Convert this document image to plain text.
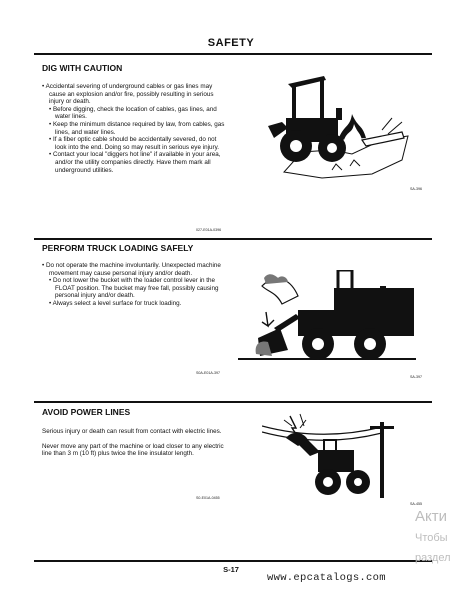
SAFETY
DIG WITH CAUTION

• Accidental severing of underground cables or gas lines may cause an explosion and/or fire, possibly resulting in serious injury or death.

• Before digging, check the location of cables, gas lines, and water lines.

• Keep the minimum distance required by law, from cables, gas lines, and water lines.

• If a fiber optic cable should be accidentally severed, do not look into the end. Doing so may result in serious eye injury.

• Contact your local "diggers hot line" if available in your area, and/or the utility companies directly. Have them mark all underground utilities.

SA-396
027-E01A-0396
PERFORM TRUCK LOADING SAFELY

• Do not operate the machine involuntarily. Unexpected machine movement may cause personal injury and/or death.

• Do not lower the bucket with the loader control lever in the FLOAT position. The bucket may free fall, possibly causing personal injury and/or death.

• Always select a level surface for truck loading.

SA-397
S0A-E01A-397
AVOID POWER LINES

Serious injury or death can result from contact with electric lines.

Never move any part of the machine or load closer to any electric line than 3 m (10 ft) plus twice the line insulator length.

SA-455
S0-E01A-0455
S-17
www.epcatalogs.com
Акти
Чтобы
раздел
